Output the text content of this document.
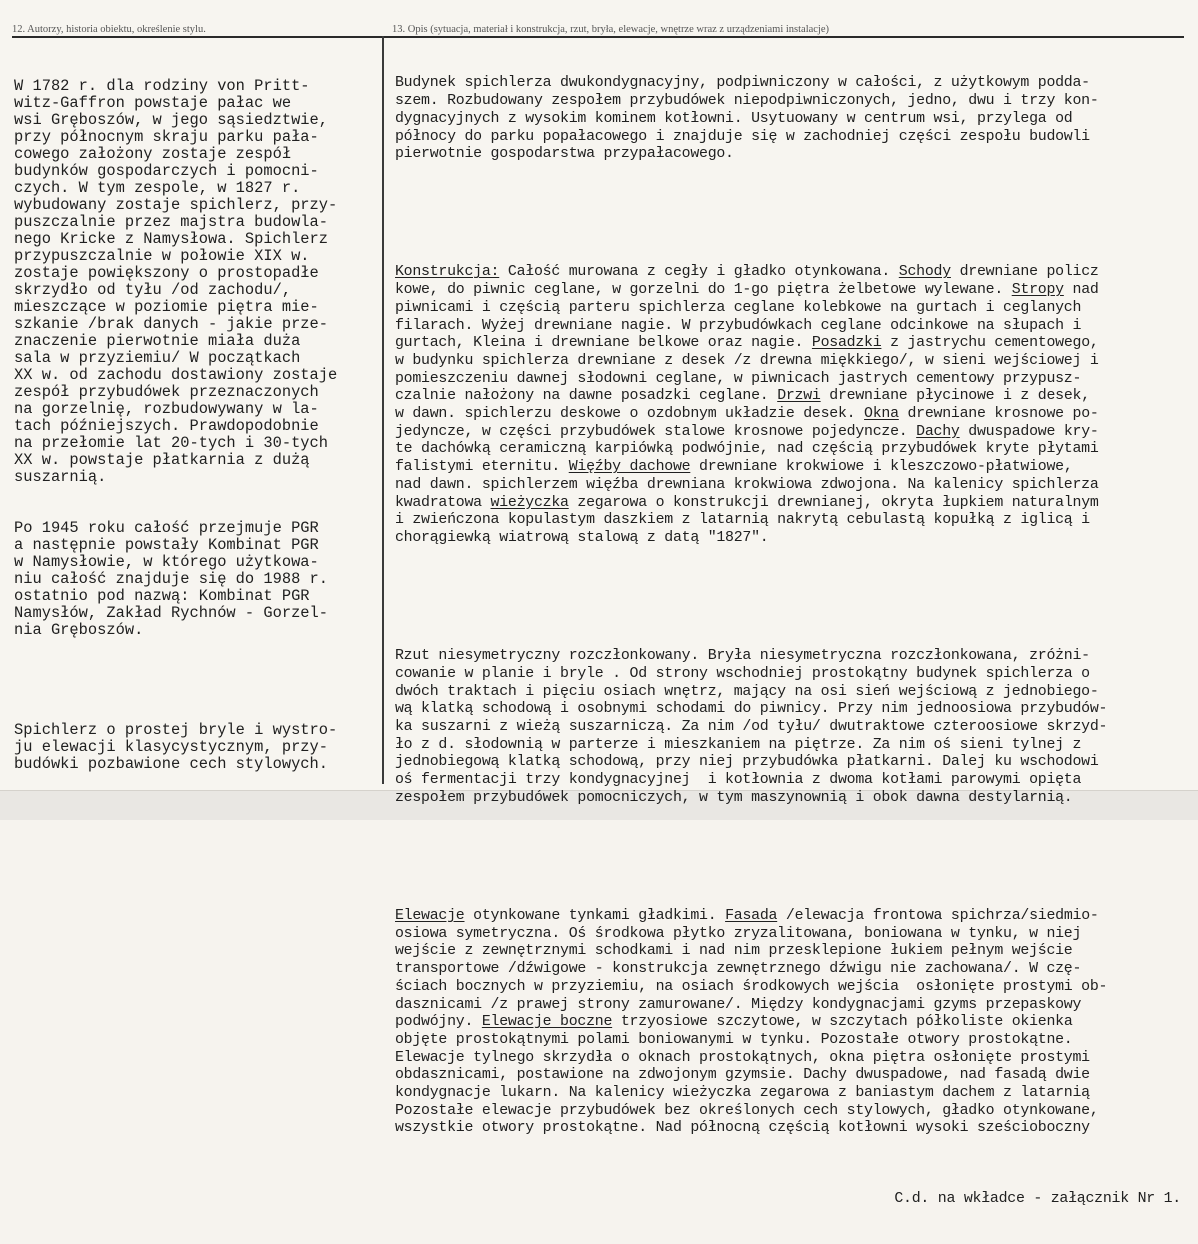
12. Autorzy, historia obiektu, określenie stylu.	13. Opis (sytuacja, materiał i konstrukcja, rzut, bryła, elewacje, wnętrze wraz z urządzeniami instalacje)

W 1782 r. dla rodziny von Pritt-
witz-Gaffron powstaje pałac we
wsi Gręboszów, w jego sąsiedztwie,
przy północnym skraju parku pała-
cowego założony zostaje zespół
budynków gospodarczych i pomocni-
czych. W tym zespole, w 1827 r.
wybudowany zostaje spichlerz, przy-
puszczalnie przez majstra budowla-
nego Kricke z Namysłowa. Spichlerz
przypuszczalnie w połowie XIX w.
zostaje powiększony o prostopadłe
skrzydło od tyłu /od zachodu/,
mieszczące w poziomie piętra mie-
szkanie /brak danych - jakie prze-
znaczenie pierwotnie miała duża
sala w przyziemiu/ W początkach
XX w. od zachodu dostawiony zostaje
zespół przybudówek przeznaczonych
na gorzelnię, rozbudowywany w la-
tach późniejszych. Prawdopodobnie
na przełomie lat 20-tych i 30-tych
XX w. powstaje płatkarnia z dużą
suszarnią.

Po 1945 roku całość przejmuje PGR
a następnie powstały Kombinat PGR
w Namysłowie, w którego użytkowa-
niu całość znajduje się do 1988 r.
ostatnio pod nazwą: Kombinat PGR
Namysłów, Zakład Rychnów - Gorzel-
nia Gręboszów.

Spichlerz o prostej bryle i wystro-
ju elewacji klasycystycznym, przy-
budówki pozbawione cech stylowych.

Budynek spichlerza dwukondygnacyjny, podpiwniczony w całości, z użytkowym podda-
szem. Rozbudowany zespołem przybudówek niepodpiwniczonych, jedno, dwu i trzy kon-
dygnacyjnych z wysokim kominem kotłowni. Usytuowany w centrum wsi, przylega od
północy do parku popałacowego i znajduje się w zachodniej części zespołu budowli
pierwotnie gospodarstwa przypałacowego.

Konstrukcja: Całość murowana z cegły i gładko otynkowana. Schody drewniane policz
kowe, do piwnic ceglane, w gorzelni do 1-go piętra żelbetowe wylewane. Stropy nad
piwnicami i częścią parteru spichlerza ceglane kolebkowe na gurtach i ceglanych
filarach. Wyżej drewniane nagie. W przybudówkach ceglane odcinkowe na słupach i
gurtach, Kleina i drewniane belkowe oraz nagie. Posadzki z jastrychu cementowego,
w budynku spichlerza drewniane z desek /z drewna miękkiego/, w sieni wejściowej i
pomieszczeniu dawnej słodowni ceglane, w piwnicach jastrych cementowy przypusz-
czalnie nałożony na dawne posadzki ceglane. Drzwi drewniane płycinowe i z desek,
w dawn. spichlerzu deskowe o ozdobnym układzie desek. Okna drewniane krosnowe po-
jedyncze, w części przybudówek stalowe krosnowe pojedyncze. Dachy dwuspadowe kry-
te dachówką ceramiczną karpiówką podwójnie, nad częścią przybudówek kryte płytami
falistymi eternitu. Więźby dachowe drewniane krokwiowe i kleszczowo-płatwiowe,
nad dawn. spichlerzem więźba drewniana krokwiowa zdwojona. Na kalenicy spichlerza
kwadratowa wieżyczka zegarowa o konstrukcji drewnianej, okryta łupkiem naturalnym
i zwieńczona kopulastym daszkiem z latarnią nakrytą cebulastą kopułką z iglicą i
chorągiewką wiatrową stalową z datą "1827".

Rzut niesymetryczny rozczłonkowany. Bryła niesymetryczna rozczłonkowana, zróżni-
cowanie w planie i bryle . Od strony wschodniej prostokątny budynek spichlerza o
dwóch traktach i pięciu osiach wnętrz, mający na osi sień wejściową z jednobiego-
wą klatką schodową i osobnymi schodami do piwnicy. Przy nim jednoosiowa przybudów-
ka suszarni z wieżą suszarniczą. Za nim /od tyłu/ dwutraktowe czteroosiowe skrzyd-
ło z d. słodownią w parterze i mieszkaniem na piętrze. Za nim oś sieni tylnej z
jednobiegową klatką schodową, przy niej przybudówka płatkarni. Dalej ku wschodowi
oś fermentacji trzy kondygnacyjnej  i kotłownia z dwoma kotłami parowymi opięta
zespołem przybudówek pomocniczych, w tym maszynownią i obok dawna destylarnią.

Elewacje otynkowane tynkami gładkimi. Fasada /elewacja frontowa spichrza/siedmio-
osiowa symetryczna. Oś środkowa płytko zryzalitowana, boniowana w tynku, w niej
wejście z zewnętrznymi schodkami i nad nim przesklepione łukiem pełnym wejście
transportowe /dźwigowe - konstrukcja zewnętrznego dźwigu nie zachowana/. W czę-
ściach bocznych w przyziemiu, na osiach środkowych wejścia  osłonięte prostymi ob-
dasznicami /z prawej strony zamurowane/. Między kondygnacjami gzyms przepaskowy
podwójny. Elewacje boczne trzyosiowe szczytowe, w szczytach półkoliste okienka
objęte prostokątnymi polami boniowanymi w tynku. Pozostałe otwory prostokątne.
Elewacje tylnego skrzydła o oknach prostokątnych, okna piętra osłonięte prostymi
obdasznicami, postawione na zdwojonym gzymsie. Dachy dwuspadowe, nad fasadą dwie
kondygnacje lukarn. Na kalenicy wieżyczka zegarowa z baniastym dachem z latarnią
Pozostałe elewacje przybudówek bez określonych cech stylowych, gładko otynkowane,
wszystkie otwory prostokątne. Nad północną częścią kotłowni wysoki sześcioboczny

C.d. na wkładce - załącznik Nr 1.
